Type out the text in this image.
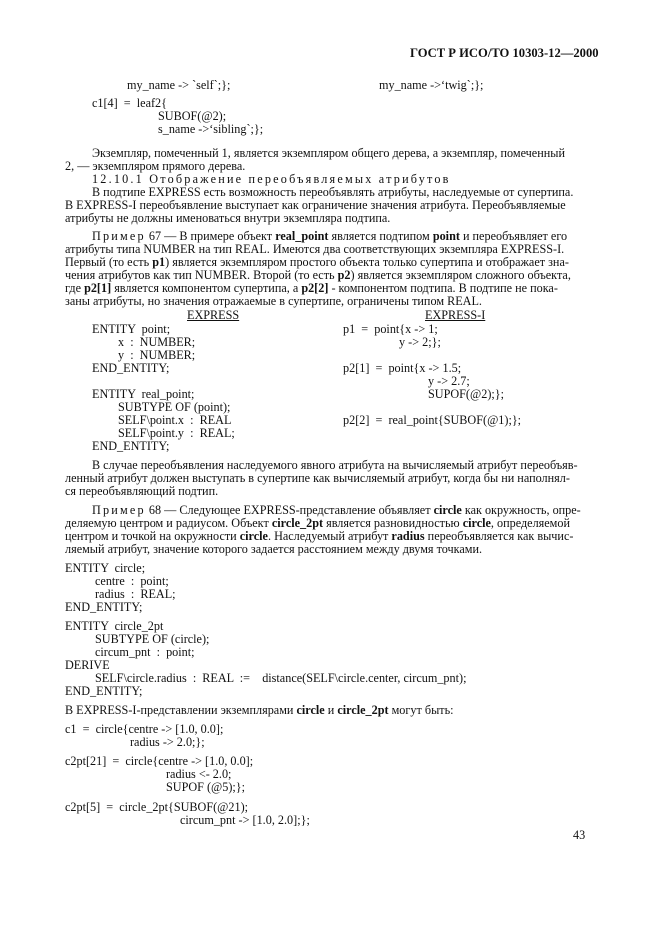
ГОСТ Р ИСО/ТО 10303-12—2000
my_name -> `self`;};	my_name ->‘twig`;};
c1[4]  =  leaf2{
SUBOF(@2);
s_name ->‘sibling`;};
Экземпляр, помеченный 1, является экземпляром общего дерева, а экземпляр, помеченный
2, — экземпляром прямого дерева.
12.10.1 Отображение переобъявляемых атрибутов
В подтипе EXPRESS есть возможность переобъявлять атрибуты, наследуемые от супертипа.
В EXPRESS-I переобъявление выступает как ограничение значения атрибута. Переобъявляемые
атрибуты не должны именоваться внутри экземпляра подтипа.
Пример 67 — В примере объект real_point является подтипом point и переобъявляет его
атрибуты типа NUMBER на тип REAL. Имеются два соответствующих экземпляра EXPRESS-I.
Первый (то есть p1) является экземпляром простого объекта только супертипа и отображает зна-
чения атрибутов как тип NUMBER. Второй (то есть p2) является экземпляром сложного объекта,
где p2[1] является компонентом супертипа, а p2[2] - компонентом подтипа. В подтипе не пока-
заны атрибуты, но значения отражаемые в супертипе, ограничены типом REAL.
EXPRESS	EXPRESS-I
ENTITY  point;	p1  =  point{x -> 1;
x  :  NUMBER;	y -> 2;};
y  :  NUMBER;
END_ENTITY;	p2[1]  =  point{x -> 1.5;
y -> 2.7;
ENTITY  real_point;	SUPOF(@2);};
SUBTYPE OF (point);
SELF\point.x  :  REAL	p2[2]  =  real_point{SUBOF(@1);};
SELF\point.y  :  REAL;
END_ENTITY;
В случае переобъявления наследуемого явного атрибута на вычисляемый атрибут переобъяв-
ленный атрибут должен выступать в супертипе как вычисляемый атрибут, когда бы ни наполнял-
ся переобъявляющий подтип.
Пример 68 — Следующее EXPRESS-представление объявляет circle как окружность, опре-
деляемую центром и радиусом. Объект circle_2pt является разновидностью circle, определяемой
центром и точкой на окружности circle. Наследуемый атрибут radius переобъявляется как вычис-
ляемый атрибут, значение которого задается расстоянием между двумя точками.
ENTITY  circle;
centre  :  point;
radius  :  REAL;
END_ENTITY;
ENTITY  circle_2pt
SUBTYPE OF (circle);
circum_pnt  :  point;
DERIVE
SELF\circle.radius  :  REAL  :=    distance(SELF\circle.center, circum_pnt);
END_ENTITY;
В EXPRESS-I-представлении экземплярами circle и circle_2pt могут быть:
c1  =  circle{centre -> [1.0, 0.0];
radius -> 2.0;};
c2pt[21]  =  circle{centre -> [1.0, 0.0];
radius <- 2.0;
SUPOF (@5);};
c2pt[5]  =  circle_2pt{SUBOF(@21);
circum_pnt -> [1.0, 2.0];};
43
